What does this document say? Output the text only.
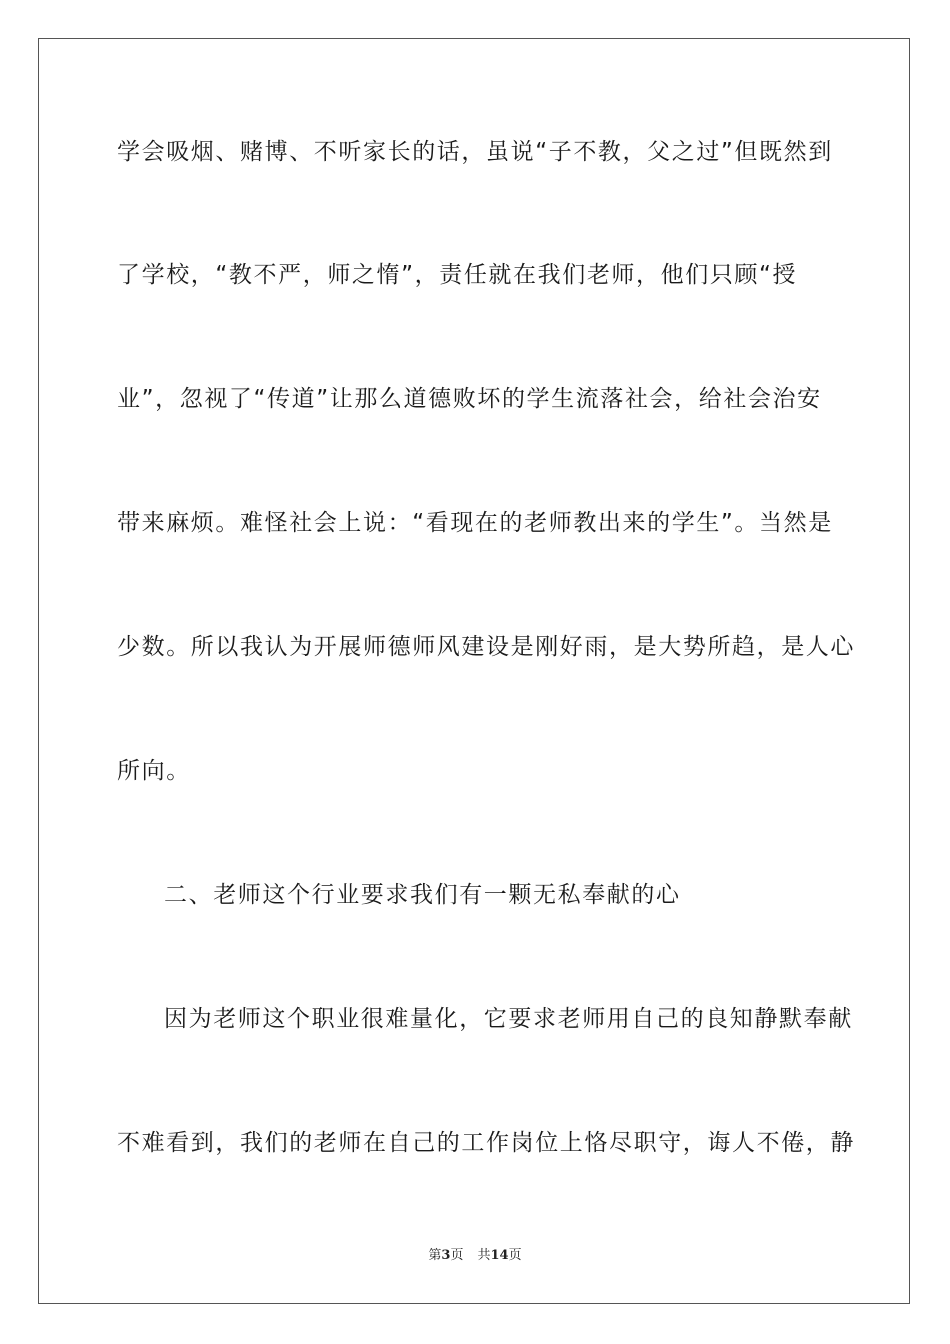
学会吸烟、赌博、不听家长的话，虽说“子不教，父之过”但既然到
了学校，“教不严，师之惰”，责任就在我们老师，他们只顾“授
业”，忽视了“传道”让那么道德败坏的学生流落社会，给社会治安
带来麻烦。难怪社会上说：“看现在的老师教出来的学生”。当然是
少数。所以我认为开展师德师风建设是刚好雨，是大势所趋，是人心
所向。
二、老师这个行业要求我们有一颗无私奉献的心
因为老师这个职业很难量化，它要求老师用自己的良知静默奉献
不难看到，我们的老师在自己的工作岗位上恪尽职守，诲人不倦，静
第3页 共14页
